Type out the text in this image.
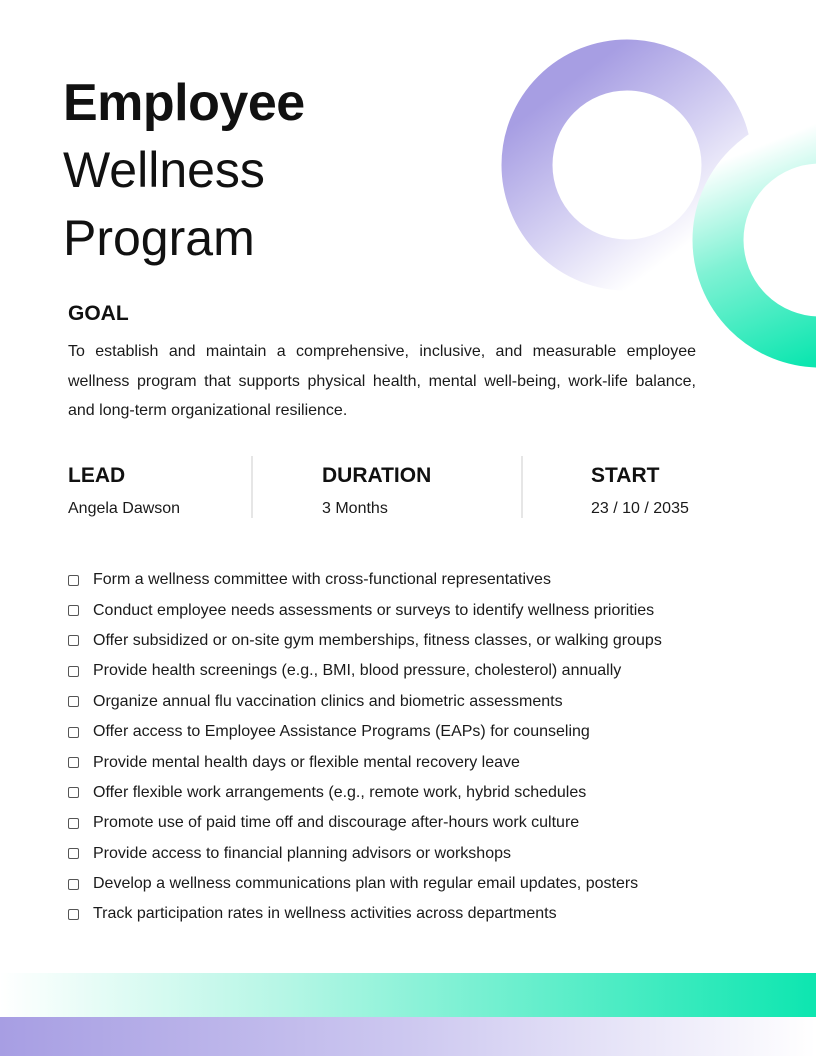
Employee
Wellness
Program
GOAL
To establish and maintain a comprehensive, inclusive, and measurable employee wellness program that supports physical health, mental well-being, work-life balance, and long-term organizational resilience.
LEAD
Angela Dawson
DURATION
3 Months
START
23 / 10 / 2035
Form a wellness committee with cross-functional representatives
Conduct employee needs assessments or surveys to identify wellness priorities
Offer subsidized or on-site gym memberships, fitness classes, or walking groups
Provide health screenings (e.g., BMI, blood pressure, cholesterol) annually
Organize annual flu vaccination clinics and biometric assessments
Offer access to Employee Assistance Programs (EAPs) for counseling
Provide mental health days or flexible mental recovery leave
Offer flexible work arrangements (e.g., remote work, hybrid schedules
Promote use of paid time off and discourage after-hours work culture
Provide access to financial planning advisors or workshops
Develop a wellness communications plan with regular email updates, posters
Track participation rates in wellness activities across departments
